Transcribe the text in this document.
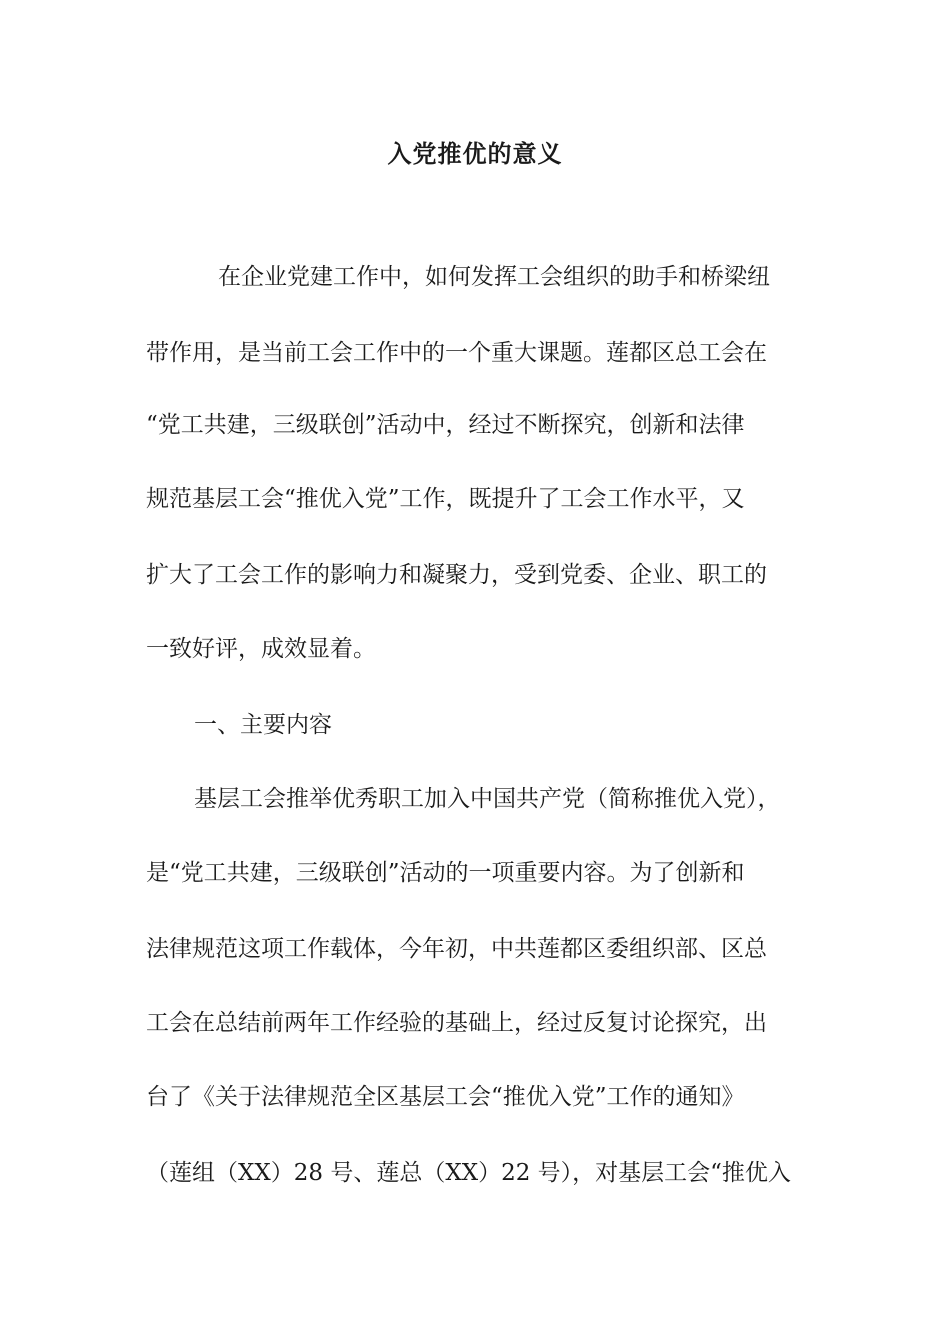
入党推优的意义
在企业党建工作中，如何发挥工会组织的助手和桥梁纽
带作用，是当前工会工作中的一个重大课题。莲都区总工会在
“党工共建，三级联创”活动中，经过不断探究，创新和法律
规范基层工会“推优入党”工作，既提升了工会工作水平，又
扩大了工会工作的影响力和凝聚力，受到党委、企业、职工的
一致好评，成效显着。
一、主要内容
基层工会推举优秀职工加入中国共产党（简称推优入党），
是“党工共建，三级联创”活动的一项重要内容。为了创新和
法律规范这项工作载体，今年初，中共莲都区委组织部、区总
工会在总结前两年工作经验的基础上，经过反复讨论探究，出
台了《关于法律规范全区基层工会“推优入党”工作的通知》
（莲组（XX）28 号、莲总（XX）22 号），对基层工会“推优入
